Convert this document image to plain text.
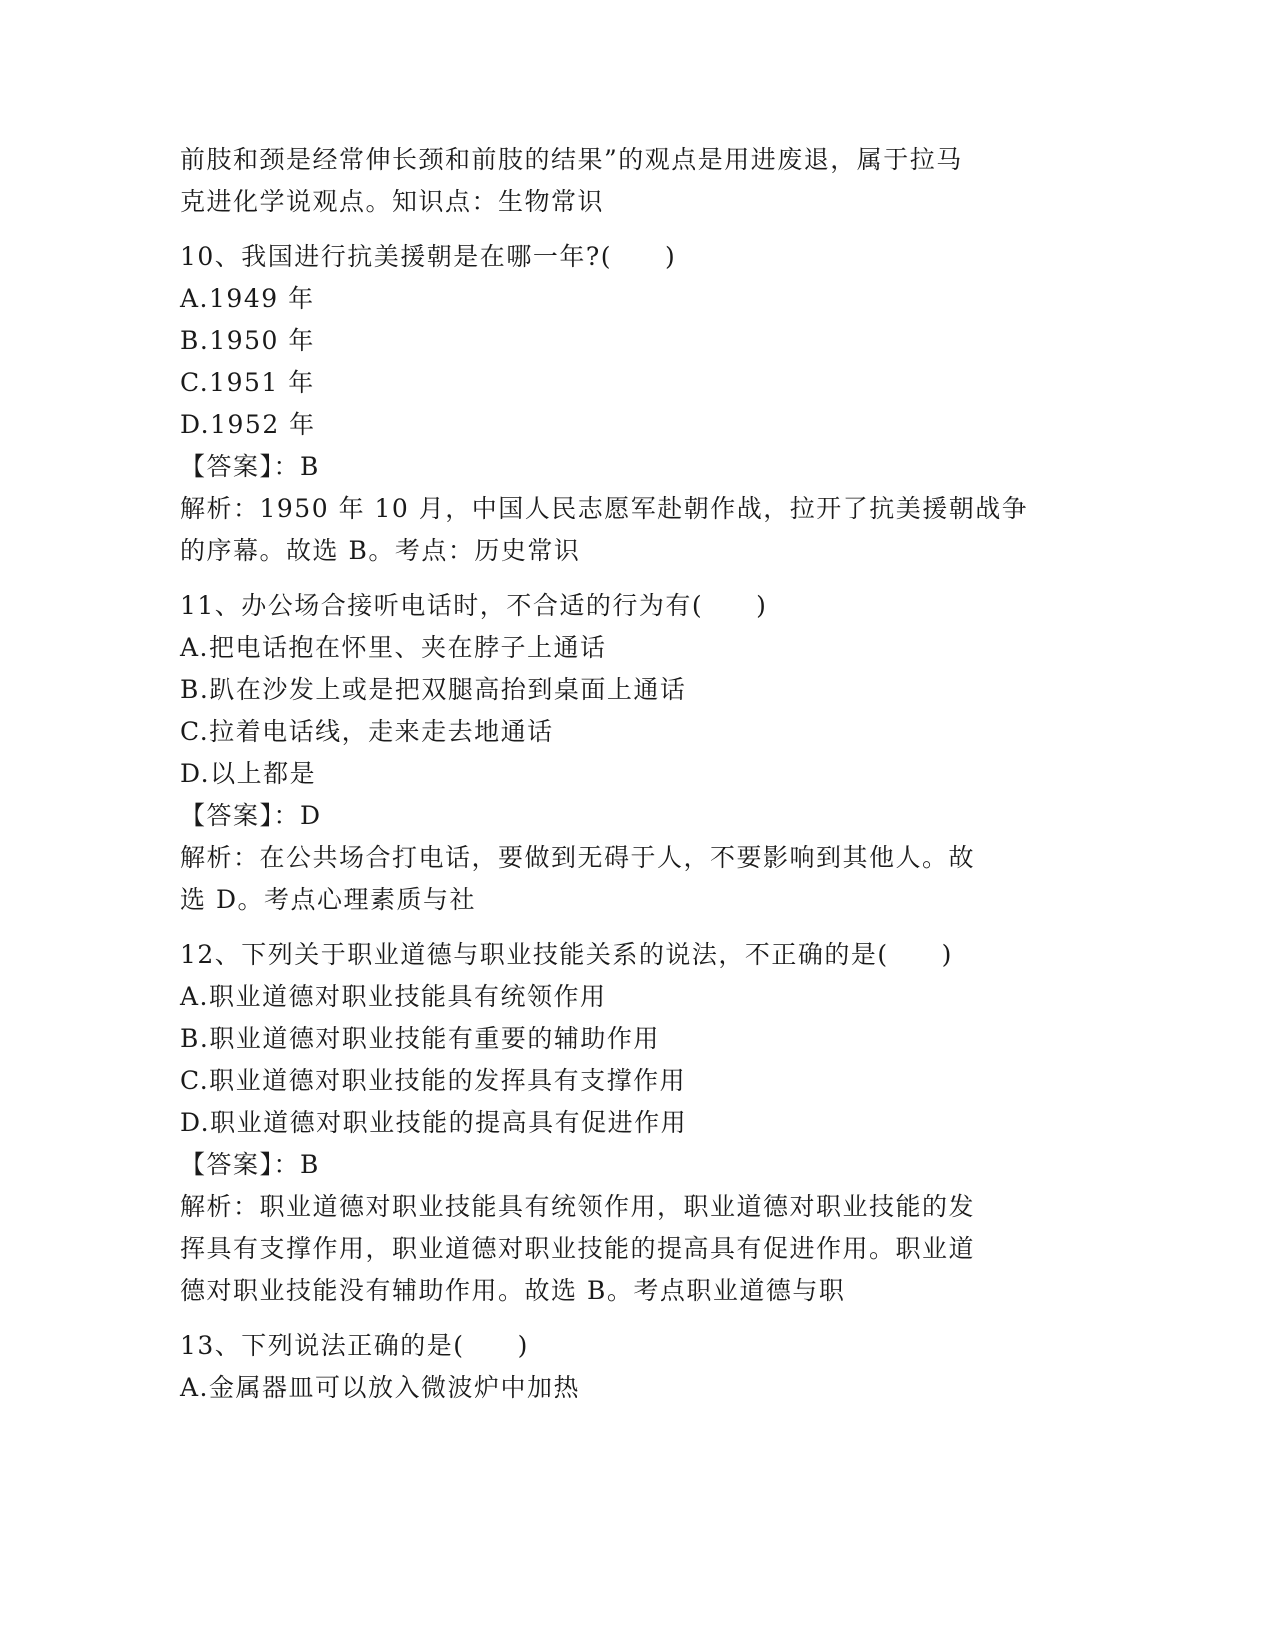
前肢和颈是经常伸长颈和前肢的结果”的观点是用进废退，属于拉马
克进化学说观点。知识点：生物常识
10、我国进行抗美援朝是在哪一年?(　　)
A.1949 年
B.1950 年
C.1951 年
D.1952 年
【答案】：B
解析：1950 年 10 月，中国人民志愿军赴朝作战，拉开了抗美援朝战争
的序幕。故选 B。考点：历史常识
11、办公场合接听电话时，不合适的行为有(　　)
A.把电话抱在怀里、夹在脖子上通话
B.趴在沙发上或是把双腿高抬到桌面上通话
C.拉着电话线，走来走去地通话
D.以上都是
【答案】：D
解析：在公共场合打电话，要做到无碍于人，不要影响到其他人。故
选 D。考点心理素质与社
12、下列关于职业道德与职业技能关系的说法，不正确的是(　　)
A.职业道德对职业技能具有统领作用
B.职业道德对职业技能有重要的辅助作用
C.职业道德对职业技能的发挥具有支撑作用
D.职业道德对职业技能的提高具有促进作用
【答案】：B
解析：职业道德对职业技能具有统领作用，职业道德对职业技能的发
挥具有支撑作用，职业道德对职业技能的提高具有促进作用。职业道
德对职业技能没有辅助作用。故选 B。考点职业道德与职
13、下列说法正确的是(　　)
A.金属器皿可以放入微波炉中加热
